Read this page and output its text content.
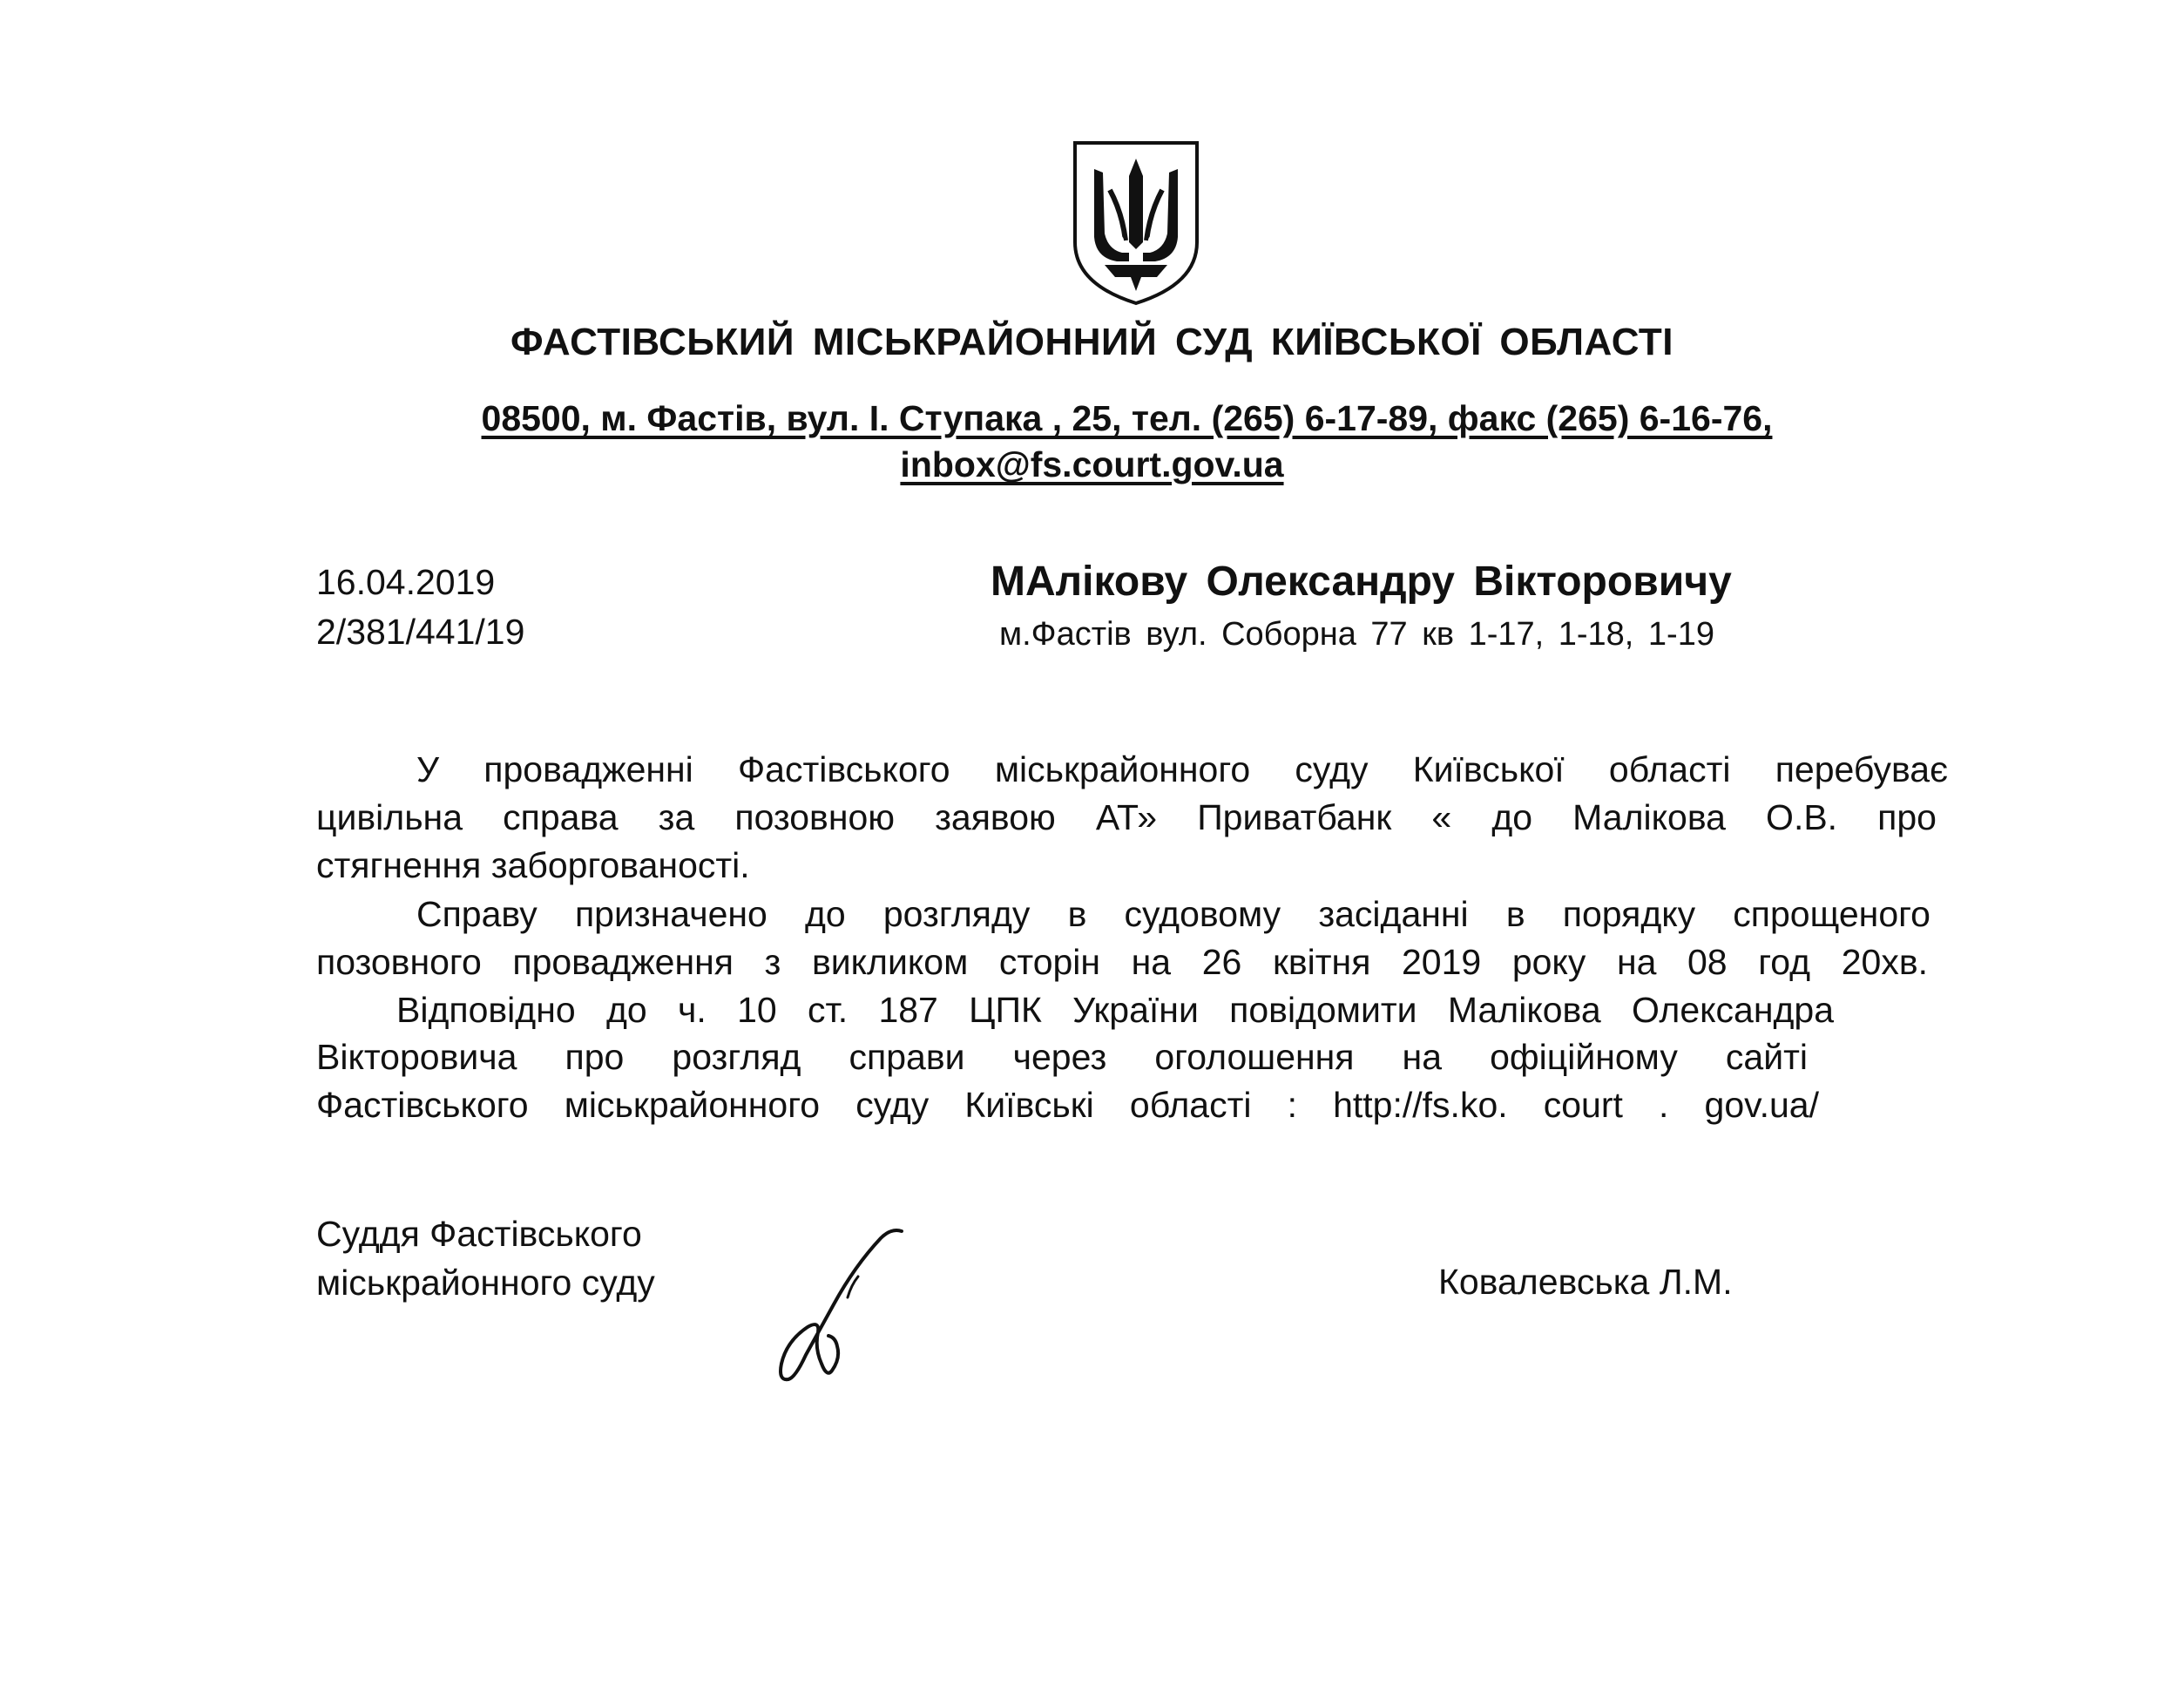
ФАСТІВСЬКИЙ МІСЬКРАЙОННИЙ СУД КИЇВСЬКОЇ ОБЛАСТІ
08500, м. Фастів, вул. І. Ступака , 25, тел. (265) 6-17-89, факс (265) 6-16-76,
inbox@fs.court.gov.ua
16.04.2019
2/381/441/19
МАлікову Олександру Вікторовичу
м.Фастів вул. Соборна 77 кв 1-17, 1-18, 1-19
У провадженні Фастівського міськрайонного суду Київської області перебуває
цивільна справа за позовною заявою АТ» Приватбанк « до Малікова О.В. про
стягнення заборгованості.
Справу призначено до розгляду в судовому засіданні в порядку спрощеного
позовного провадження з викликом сторін на 26 квітня 2019 року на 08 год 20хв.
Відповідно до ч. 10 ст. 187 ЦПК України повідомити Малікова Олександра
Вікторовича про розгляд справи через оголошення на офіційному сайті
Фастівського міськрайонного суду Київські області : http://fs.ko. court . gov.ua/
Суддя Фастівського
міськрайонного суду	Ковалевська Л.М.
